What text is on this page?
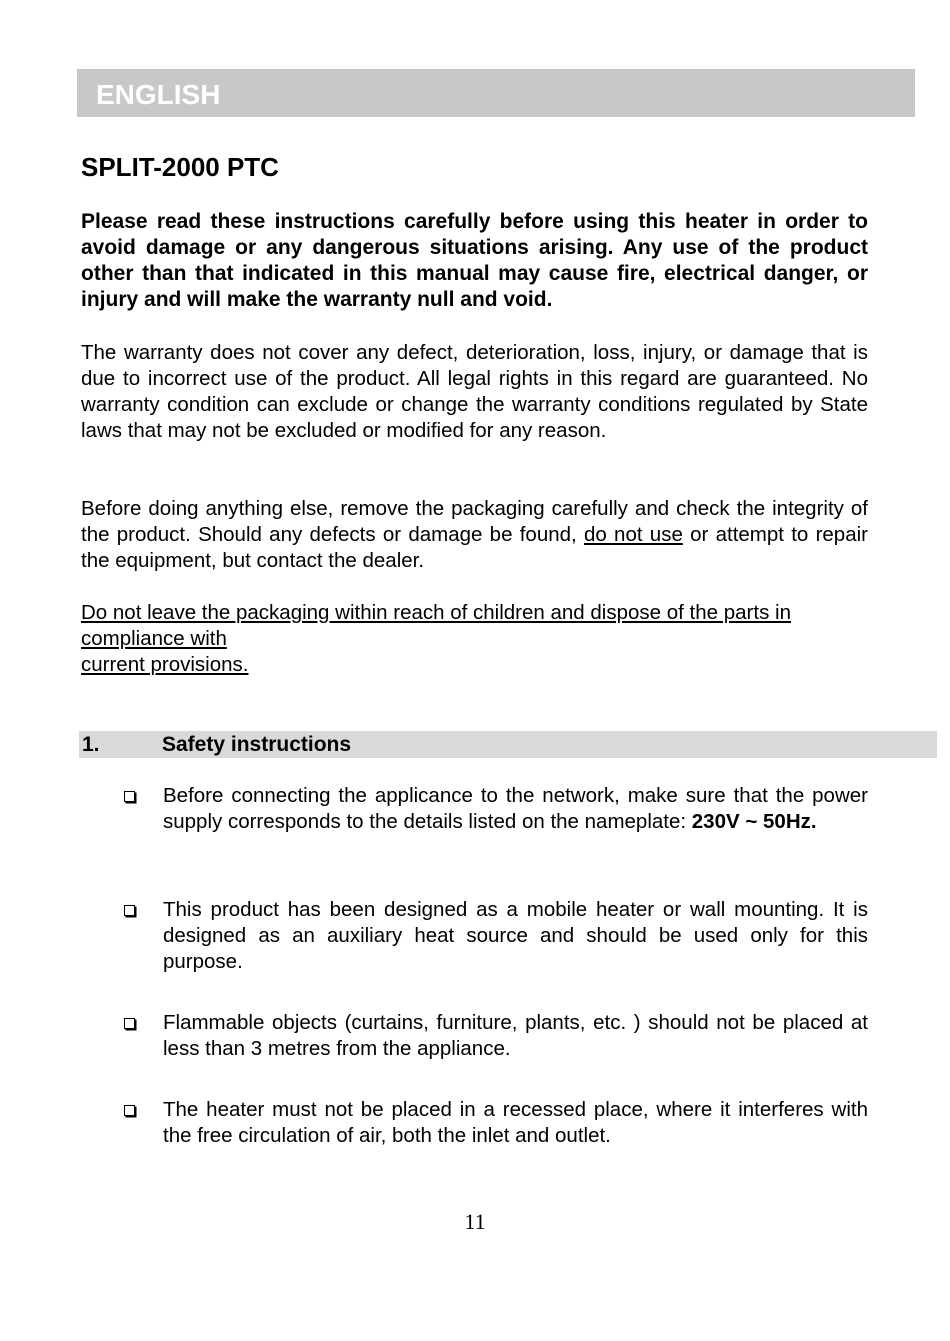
ENGLISH
SPLIT-2000 PTC

Please read these instructions carefully before using this heater in order to avoid damage or any dangerous situations arising. Any use of the product other than that indicated in this manual may cause fire, electrical danger, or injury and will make the warranty null and void.

The warranty does not cover any defect, deterioration, loss, injury, or damage that is due to incorrect use of the product. All legal rights in this regard are guaranteed. No warranty condition can exclude or change the warranty conditions regulated by State laws that may not be excluded or modified for any reason.

Before doing anything else, remove the packaging carefully and check the integrity of the product. Should any defects or damage be found, do not use or attempt to repair the equipment, but contact the dealer.

Do not leave the packaging within reach of children and dispose of the parts in compliance with
current provisions.

1.	Safety instructions

Before connecting the applicance to the network, make sure that the power supply corresponds to the details listed on the nameplate: 230V ~ 50Hz.

This product has been designed as a mobile heater or wall mounting. It is designed as an auxiliary heat source and should be used only for this purpose.

Flammable objects (curtains, furniture, plants, etc. ) should not be placed at less than 3 metres from the appliance.

The heater must not be placed in a recessed place, where it interferes with the free circulation of air, both the inlet and outlet.

11
